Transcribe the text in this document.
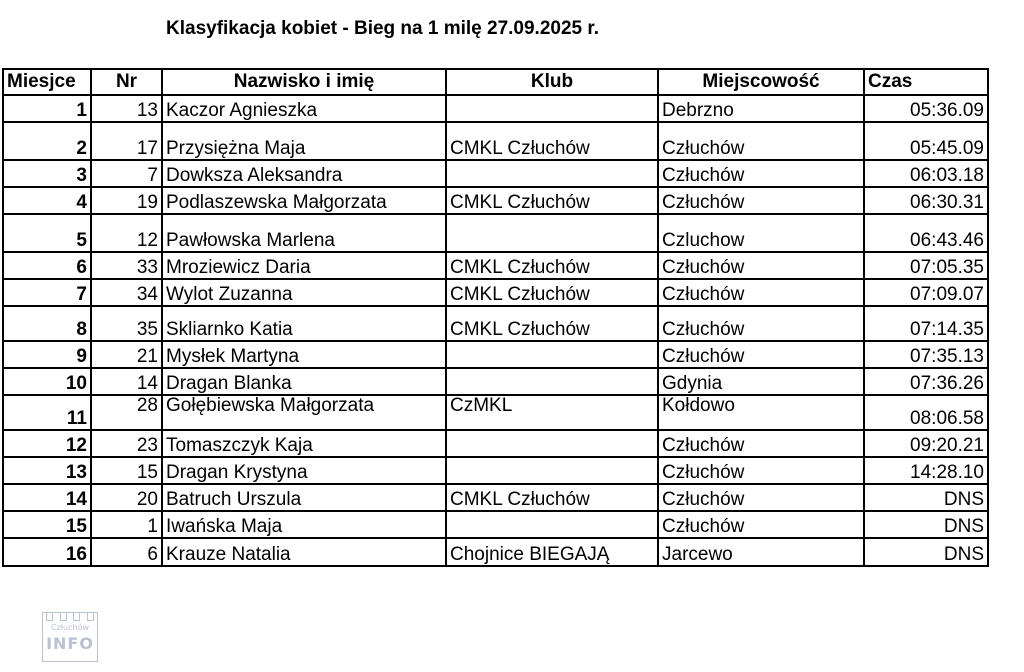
Klasyfikacja kobiet - Bieg na 1 milę 27.09.2025 r.
Miesjce	Nr	Nazwisko i imię	Klub	Miejscowość	Czas
1	13	Kaczor Agnieszka		Debrzno	05:36.09
2	17	Przysiężna Maja	CMKL Człuchów	Człuchów	05:45.09
3	7	Dowksza Aleksandra		Człuchów	06:03.18
4	19	Podlaszewska Małgorzata	CMKL Człuchów	Człuchów	06:30.31
5	12	Pawłowska Marlena		Czluchow	06:43.46
6	33	Mroziewicz Daria	CMKL Człuchów	Człuchów	07:05.35
7	34	Wylot Zuzanna	CMKL Człuchów	Człuchów	07:09.07
8	35	Skliarnko Katia	CMKL Człuchów	Człuchów	07:14.35
9	21	Mysłek Martyna		Człuchów	07:35.13
10	14	Dragan Blanka		Gdynia	07:36.26
11	28	Gołębiewska Małgorzata	CzMKL	Kołdowo	08:06.58
12	23	Tomaszczyk Kaja		Człuchów	09:20.21
13	15	Dragan Krystyna		Człuchów	14:28.10
14	20	Batruch Urszula	CMKL Człuchów	Człuchów	DNS
15	1	Iwańska Maja		Człuchów	DNS
16	6	Krauze Natalia	Chojnice BIEGAJĄ	Jarcewo	DNS
Człuchów
INFO
